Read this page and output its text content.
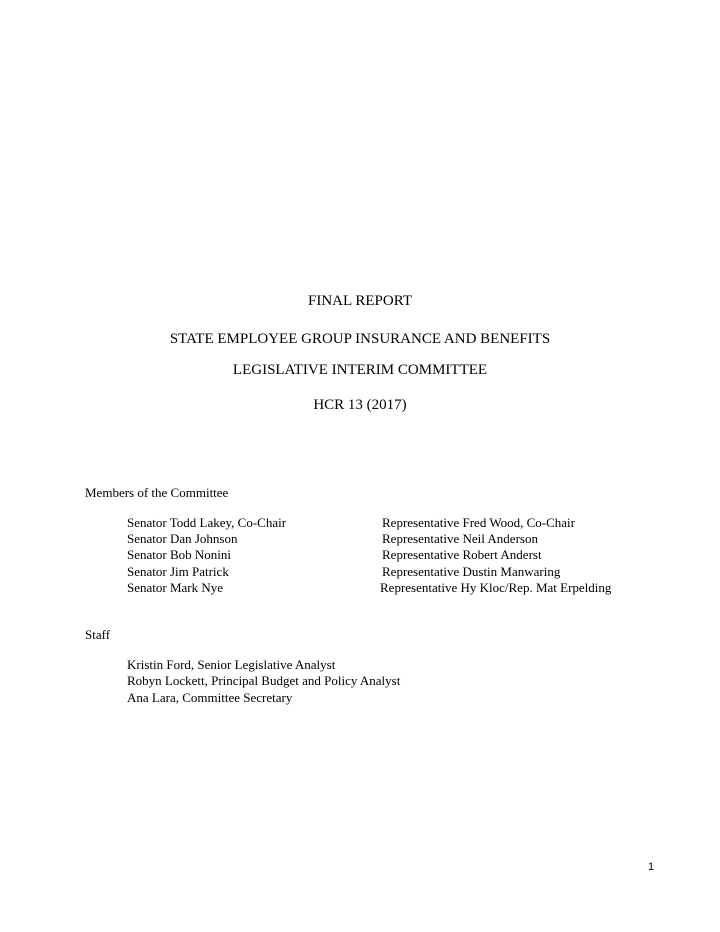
FINAL REPORT
STATE EMPLOYEE GROUP INSURANCE AND BENEFITS
LEGISLATIVE INTERIM COMMITTEE
HCR 13 (2017)
Members of the Committee
Senator Todd Lakey, Co-Chair
Senator Dan Johnson
Senator Bob Nonini
Senator Jim Patrick
Senator Mark Nye
Representative Fred Wood, Co-Chair
Representative Neil Anderson
Representative Robert Anderst
Representative Dustin Manwaring
Representative Hy Kloc/Rep. Mat Erpelding
Staff
Kristin Ford, Senior Legislative Analyst
Robyn Lockett, Principal Budget and Policy Analyst
Ana Lara, Committee Secretary
1
